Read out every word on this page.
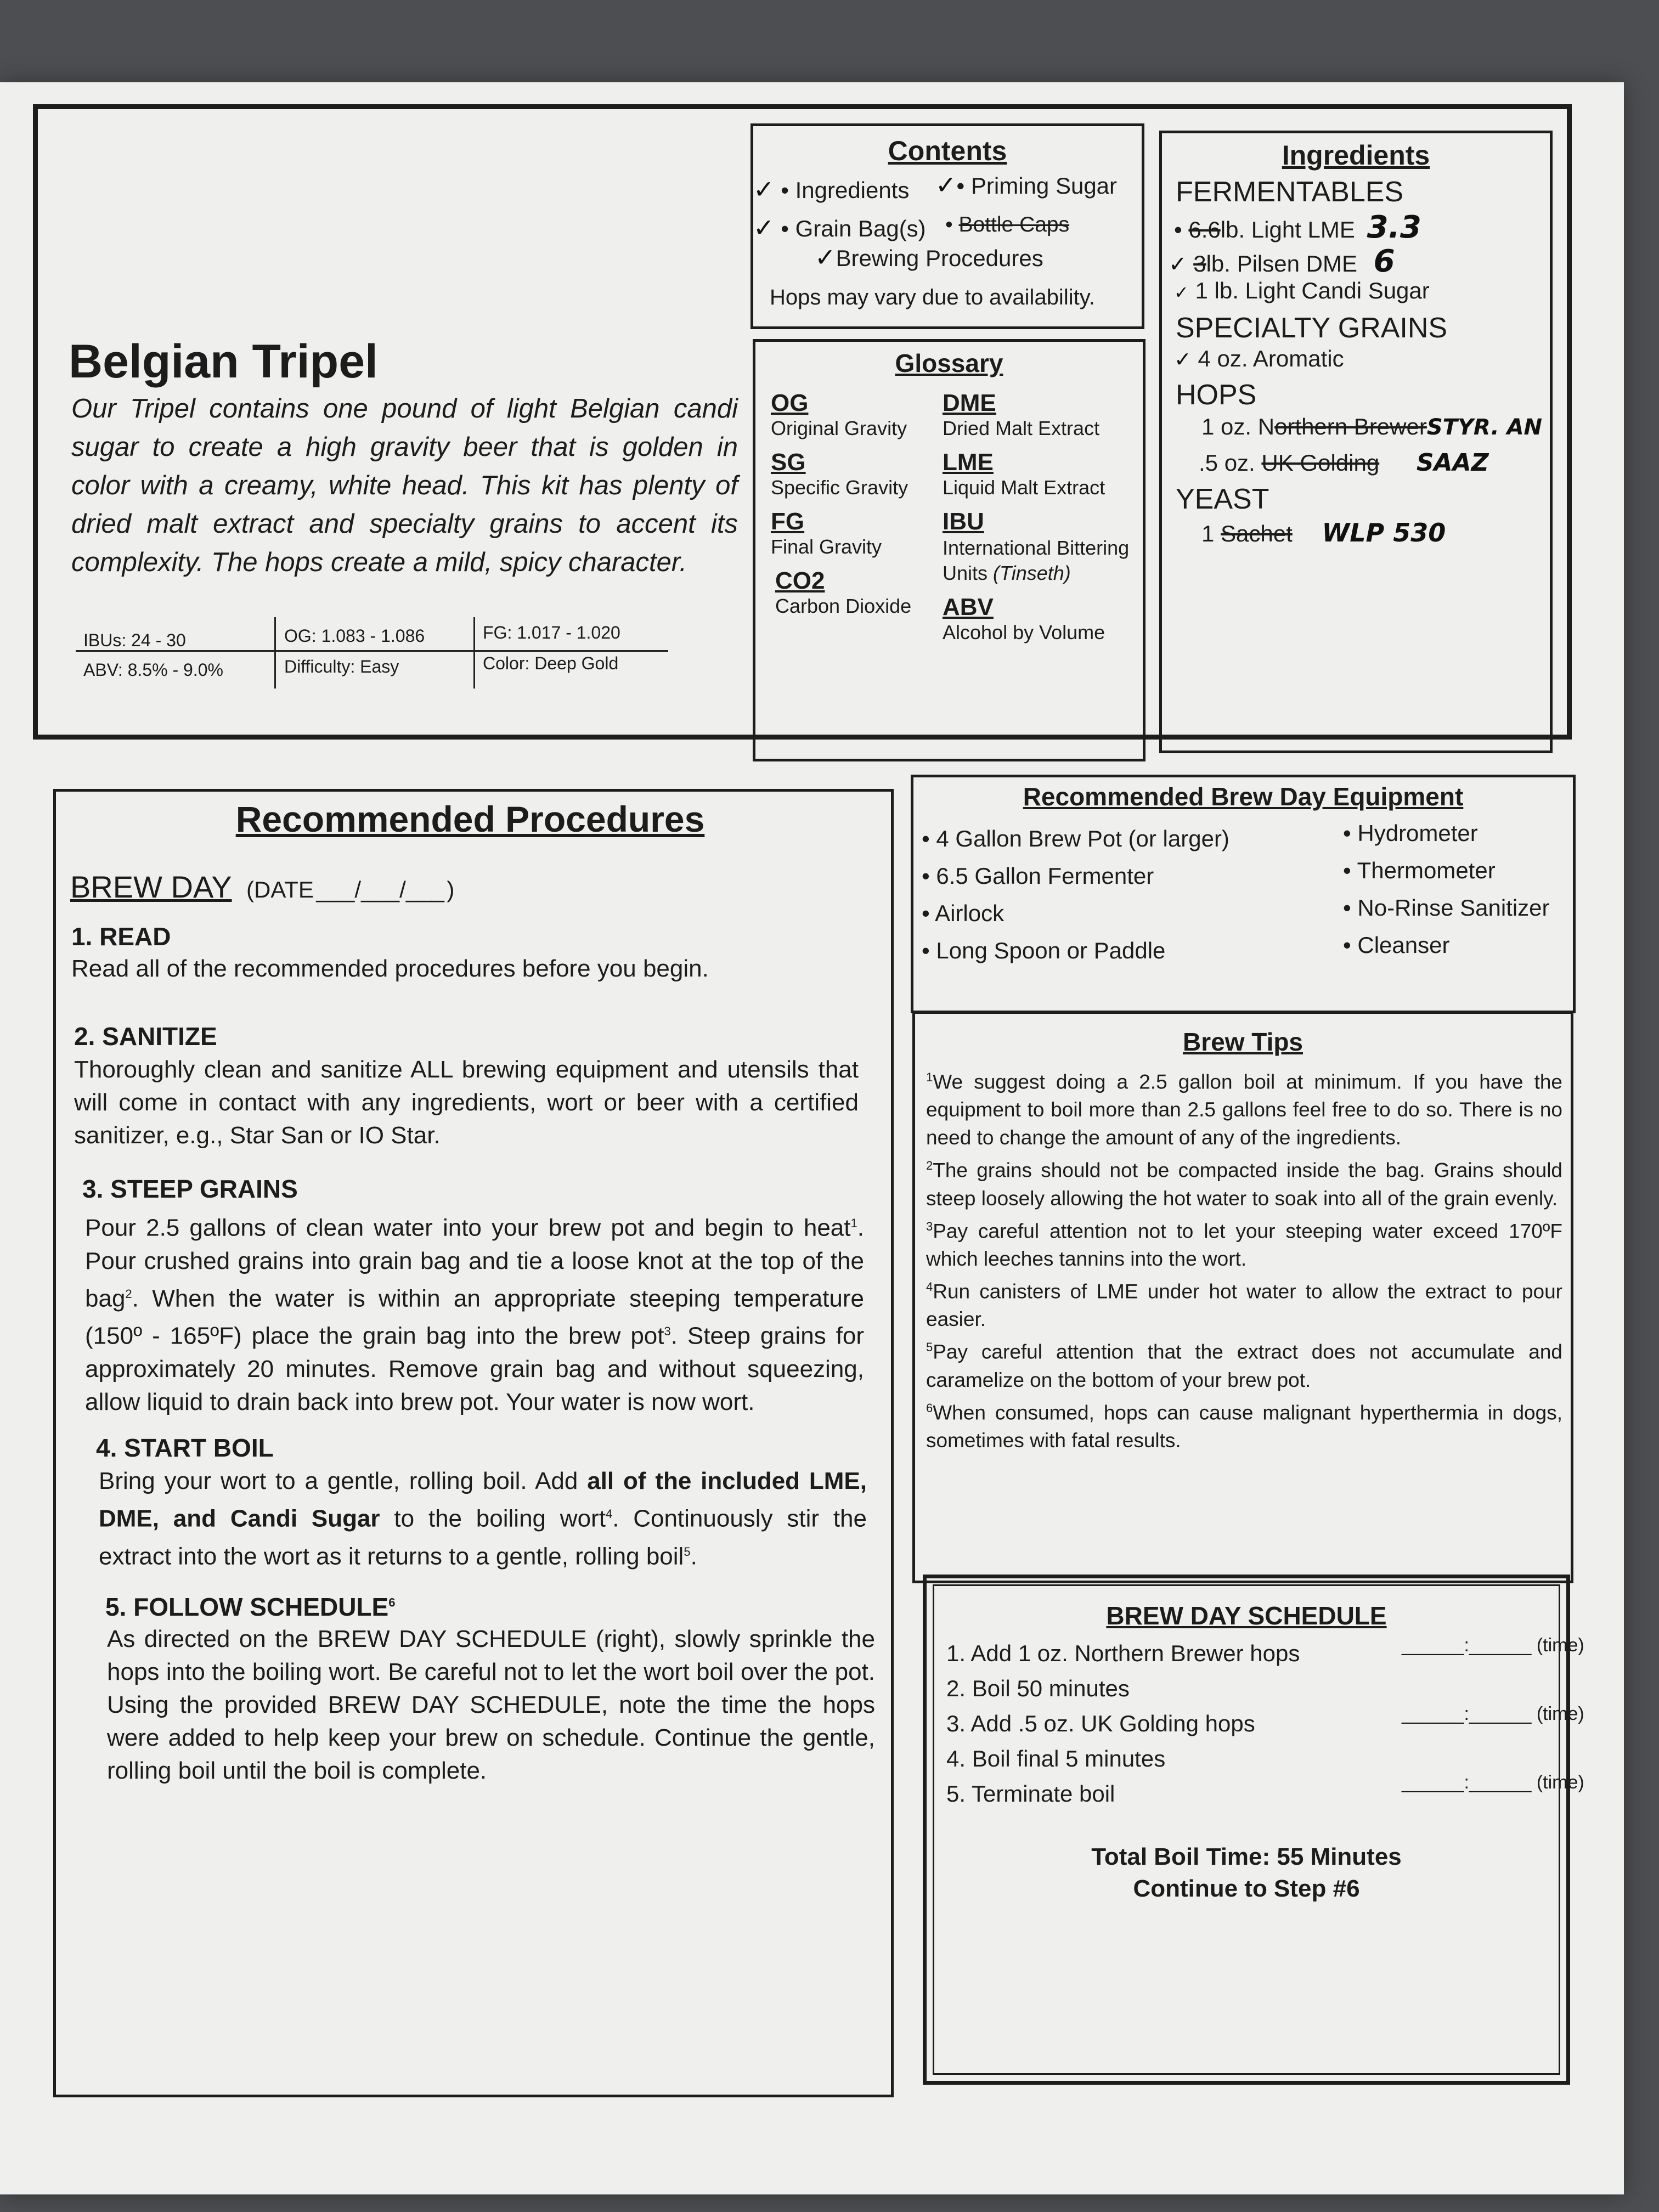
Belgian Tripel
Our Tripel contains one pound of light Belgian candi sugar to create a high gravity beer that is golden in color with a creamy, white head. This kit has plenty of dried malt extract and specialty grains to accent its complexity. The hops create a mild, spicy character.
IBUs: 24 - 30
ABV: 8.5% - 9.0%
OG: 1.083 - 1.086
Difficulty: Easy
FG: 1.017 - 1.020
Color: Deep Gold
Contents
✓ • Ingredients ✓• Priming Sugar
✓ • Grain Bag(s) • Bottle Caps
✓Brewing Procedures
Hops may vary due to availability.
Glossary
OG
Original Gravity
SG
Specific Gravity
FG
Final Gravity
CO2
Carbon Dioxide
DME
Dried Malt Extract
LME
Liquid Malt Extract
IBU
International Bittering Units (Tinseth)
ABV
Alcohol by Volume
Ingredients
FERMENTABLES
• 6.6lb. Light LME 3.3
✓ 3lb. Pilsen DME 6
✓ 1 lb. Light Candi Sugar
SPECIALTY GRAINS
✓ 4 oz. Aromatic
HOPS
1 oz. Northern BrewerSTYR. AN
.5 oz. UK Golding SAAZ
YEAST
1 Sachet WLP 530
Recommended Procedures
BREW DAY (DATE ___/___/___ )
1. READ
Read all of the recommended procedures before you begin.
2. SANITIZE
Thoroughly clean and sanitize ALL brewing equipment and utensils that will come in contact with any ingredients, wort or beer with a certified sanitizer, e.g., Star San or IO Star.
3. STEEP GRAINS
Pour 2.5 gallons of clean water into your brew pot and begin to heat$^1$. Pour crushed grains into grain bag and tie a loose knot at the top of the bag$^2$. When the water is within an appropriate steeping temperature (150º - 165ºF) place the grain bag into the brew pot$^3$. Steep grains for approximately 20 minutes. Remove grain bag and without squeezing, allow liquid to drain back into brew pot. Your water is now wort.
4. START BOIL
Bring your wort to a gentle, rolling boil. Add all of the included LME, DME, and Candi Sugar to the boiling wort$^4$. Continuously stir the extract into the wort as it returns to a gentle, rolling boil$^5$.
5. FOLLOW SCHEDULE$^6$
As directed on the BREW DAY SCHEDULE (right), slowly sprinkle the hops into the boiling wort. Be careful not to let the wort boil over the pot. Using the provided BREW DAY SCHEDULE, note the time the hops were added to help keep your brew on schedule. Continue the gentle, rolling boil until the boil is complete.
Recommended Brew Day Equipment
• 4 Gallon Brew Pot (or larger)
• 6.5 Gallon Fermenter
• Airlock
• Long Spoon or Paddle
• Hydrometer
• Thermometer
• No-Rinse Sanitizer
• Cleanser
Brew Tips
$^1$We suggest doing a 2.5 gallon boil at minimum. If you have the equipment to boil more than 2.5 gallons feel free to do so. There is no need to change the amount of any of the ingredients.
$^2$The grains should not be compacted inside the bag. Grains should steep loosely allowing the hot water to soak into all of the grain evenly.
$^3$Pay careful attention not to let your steeping water exceed 170ºF which leeches tannins into the wort.
$^4$Run canisters of LME under hot water to allow the extract to pour easier.
$^5$Pay careful attention that the extract does not accumulate and caramelize on the bottom of your brew pot.
$^6$When consumed, hops can cause malignant hyperthermia in dogs, sometimes with fatal results.
BREW DAY SCHEDULE
1. Add 1 oz. Northern Brewer hops
2. Boil 50 minutes
3. Add .5 oz. UK Golding hops
4. Boil final 5 minutes
5. Terminate boil
______:______ (time)
______:______ (time)
______:______ (time)
Total Boil Time: 55 Minutes
Continue to Step #6
